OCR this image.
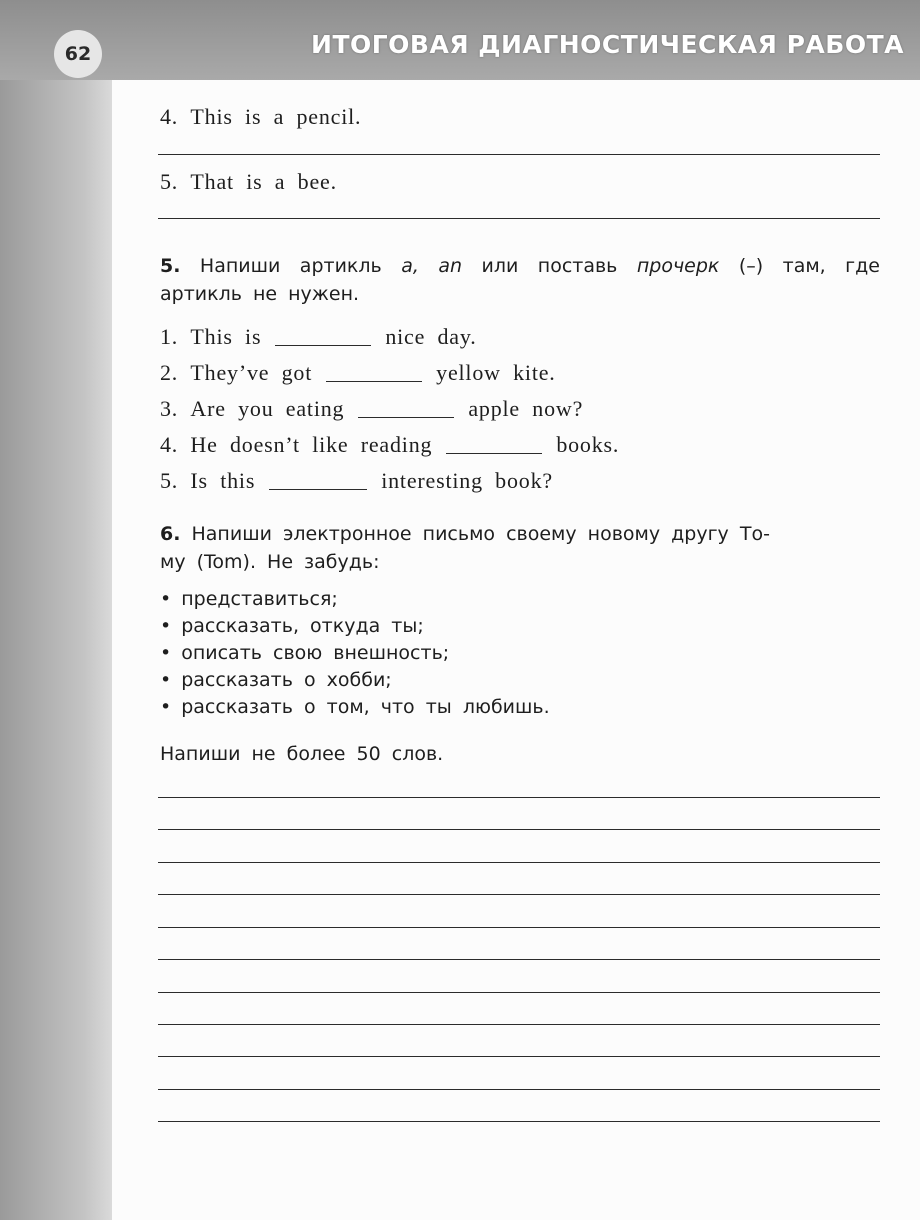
62	ИТОГОВАЯ ДИАГНОСТИЧЕСКАЯ РАБОТА
4.
This is a pencil.
5.
That is a bee.
5. Напиши артикль a, an или поставь прочерк (–) там, где артикль не нужен.
1.
This is	nice day.
2.
They’ve got	yellow kite.
3.
Are you eating	apple now?
4.
He doesn’t like reading	books.
5.
Is this	interesting book?
6. Напиши электронное письмо своему новому другу То-
му (Tom). Не забудь:
• представиться;
• рассказать, откуда ты;
• описать свою внешность;
• рассказать о хобби;
• рассказать о том, что ты любишь.
Напиши не более 50 слов.
